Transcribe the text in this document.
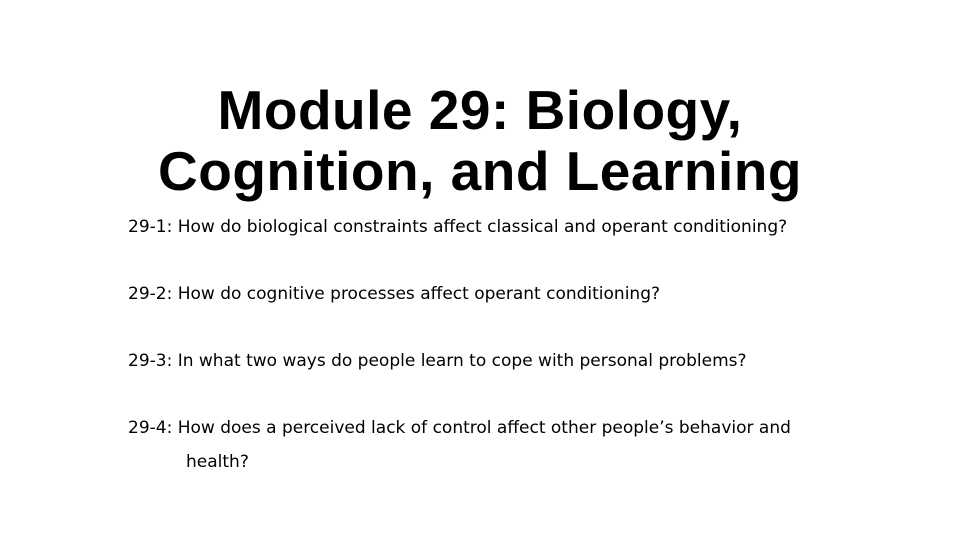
Module 29: Biology,
Cognition, and Learning
29-1: How do biological constraints affect classical and operant conditioning?
29-2: How do cognitive processes affect operant conditioning?
29-3: In what two ways do people learn to cope with personal problems?
29-4: How does a perceived lack of control affect other people’s behavior and health?
